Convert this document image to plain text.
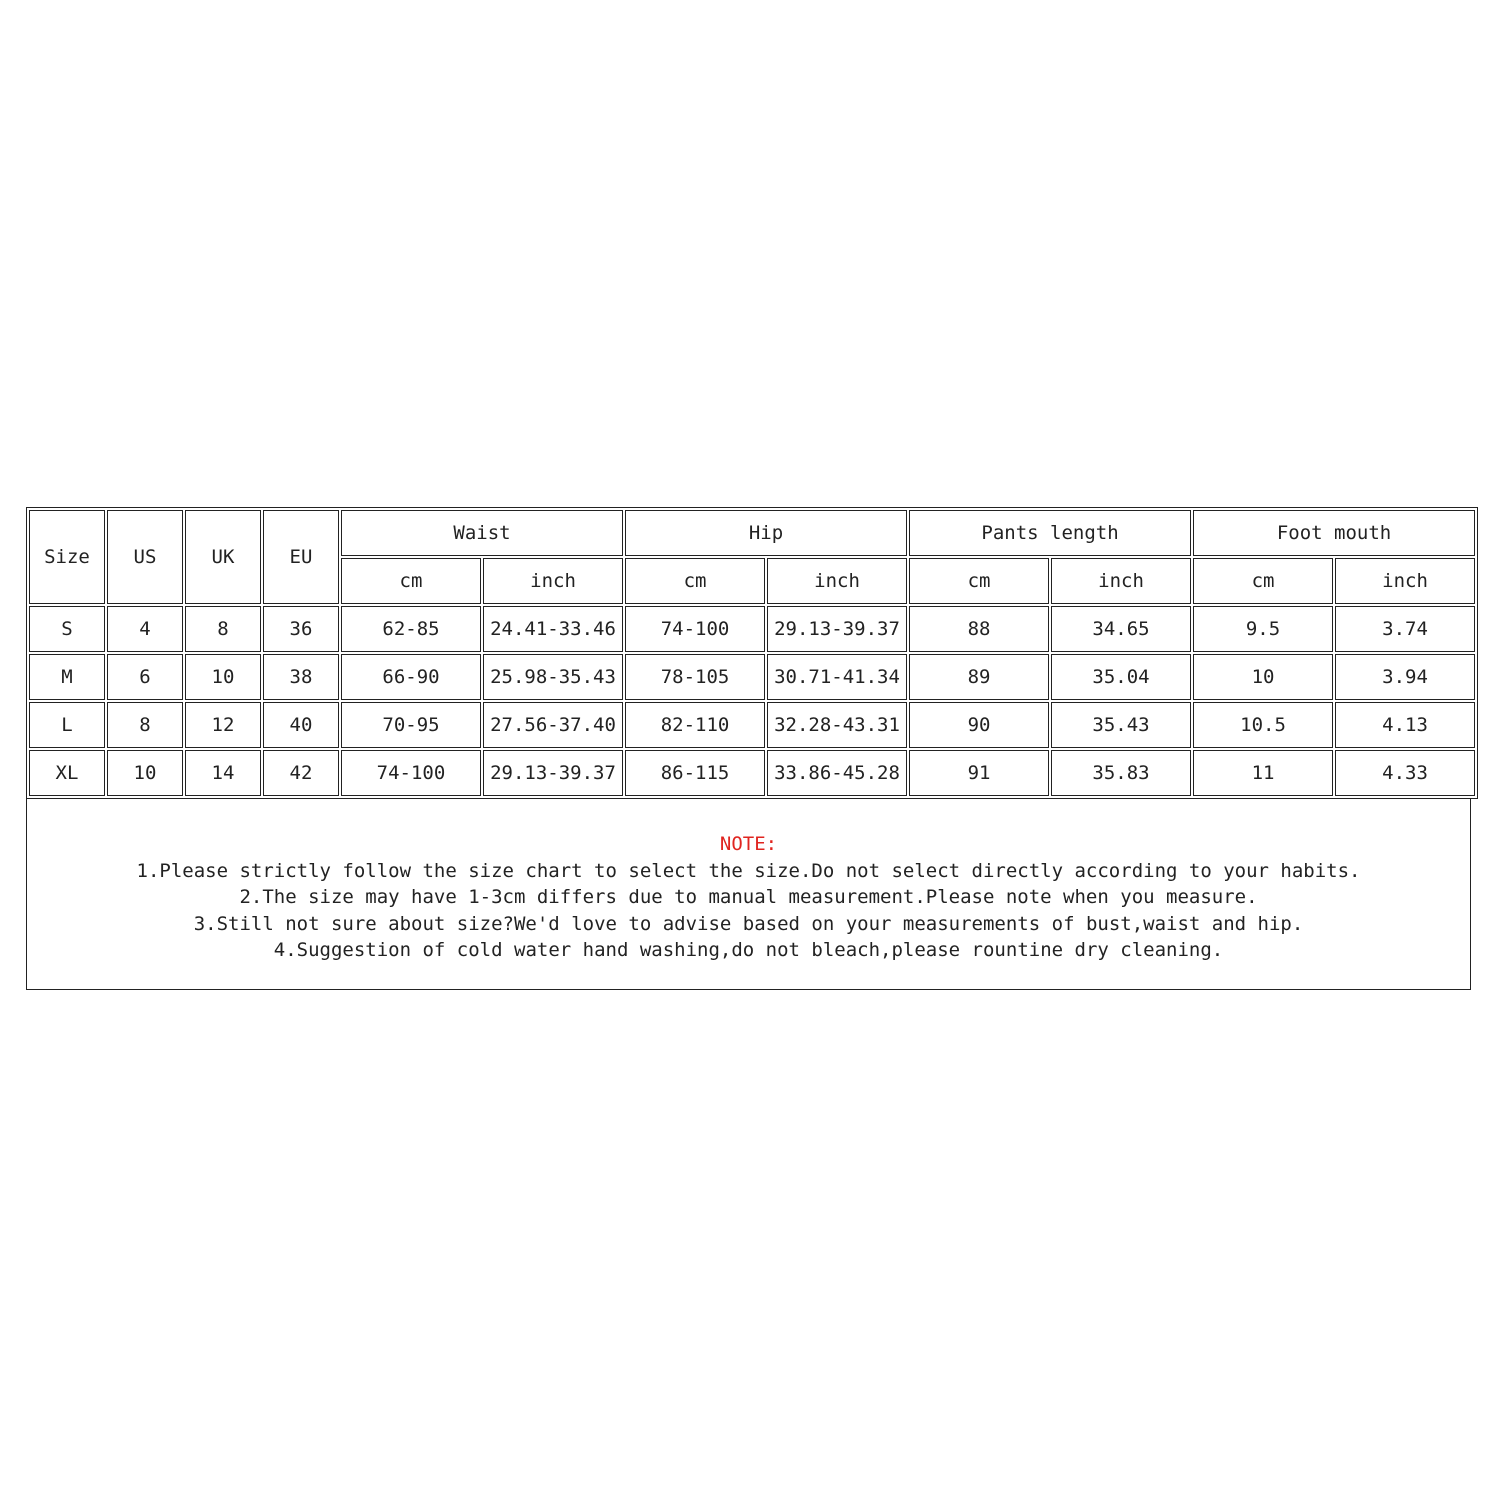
Size	US	UK	EU	Waist		Hip		Pants length		Foot mouth	
				cm	inch	cm	inch	cm	inch	cm	inch
S	4	8	36	62-85	24.41-33.46	74-100	29.13-39.37	88	34.65	9.5	3.74
M	6	10	38	66-90	25.98-35.43	78-105	30.71-41.34	89	35.04	10	3.94
L	8	12	40	70-95	27.56-37.40	82-110	32.28-43.31	90	35.43	10.5	4.13
XL	10	14	42	74-100	29.13-39.37	86-115	33.86-45.28	91	35.83	11	4.33
NOTE:
1.Please strictly follow the size chart to select the size.Do not select directly according to your habits.
2.The size may have 1-3cm differs due to manual measurement.Please note when you measure.
3.Still not sure about size?We'd love to advise based on your measurements of bust,waist and hip.
4.Suggestion of cold water hand washing,do not bleach,please rountine dry cleaning.
